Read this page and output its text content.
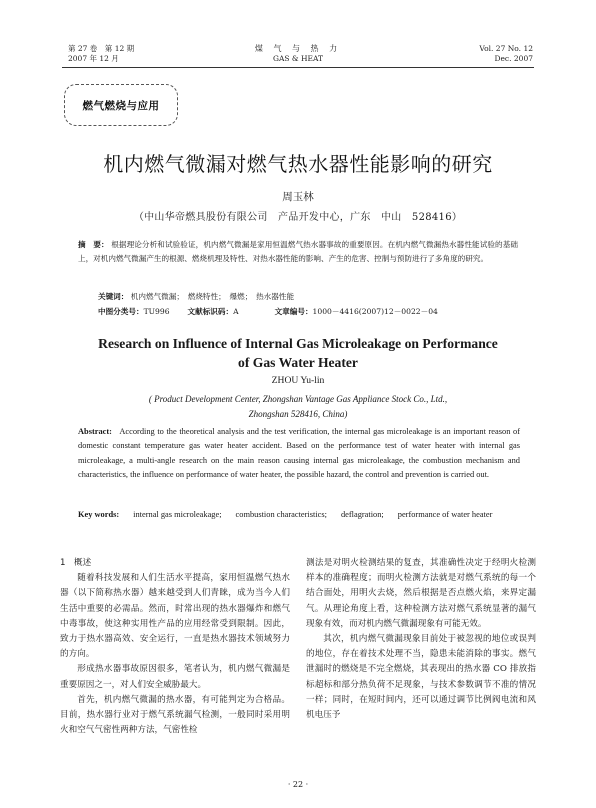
第 27 卷　第 12 期
2007 年 12 月
煤 气 与 热 力
GAS & HEAT
Vol. 27 No. 12
Dec. 2007
燃气燃烧与应用
机内燃气微漏对燃气热水器性能影响的研究
周玉林
（中山华帝燃具股份有限公司　产品开发中心，广东　中山　528416）
摘　要： 根据理论分析和试验验证，机内燃气微漏是家用恒温燃气热水器事故的重要原因。在机内燃气微漏热水器性能试验的基础上，对机内燃气微漏产生的根源、燃烧机理及特性、对热水器性能的影响、产生的危害、控制与预防进行了多角度的研究。
关键词： 机内燃气微漏；　燃烧特性；　爆燃；　热水器性能
中图分类号：TU996 文献标识码：A	文章编号：1000－4416(2007)12－0022－04
Research on Influence of Internal Gas Microleakage on Performance
of Gas Water Heater
ZHOU Yu-lin
( Product Development Center, Zhongshan Vantage Gas Appliance Stock Co., Ltd.,
Zhongshan 528416, China)
Abstract: According to the theoretical analysis and the test verification, the internal gas microleakage is an important reason of domestic constant temperature gas water heater accident. Based on the performance test of water heater with internal gas microleakage, a multi-angle research on the main reason causing internal gas microleakage, the combustion mechanism and characteristics, the influence on performance of water heater, the possible hazard, the control and prevention is carried out.
Key words: internal gas microleakage; combustion characteristics; deflagration; performance of water heater
1　概述

随着科技发展和人们生活水平提高，家用恒温燃气热水器（以下简称热水器）越来越受到人们青睐，成为当今人们生活中重要的必需品。然而，时常出现的热水器爆炸和燃气中毒事故，使这种实用性产品的应用经常受到限制。因此，致力于热水器高效、安全运行，一直是热水器技术领域努力的方向。

形成热水器事故原因很多，笔者认为，机内燃气微漏是重要原因之一，对人们安全威胁最大。

首先，机内燃气微漏的热水器，有可能判定为合格品。目前，热水器行业对于燃气系统漏气检测，一般同时采用明火和空气气密性两种方法，气密性检

测法是对明火检测结果的复查，其准确性决定于经明火检测样本的准确程度；而明火检测方法就是对燃气系统的每一个结合面处，用明火去烧，然后根据是否点燃火焰，来界定漏气。从理论角度上看，这种检测方法对燃气系统显著的漏气现象有效，而对机内燃气微漏现象有可能无效。

其次，机内燃气微漏现象目前处于被忽视的地位或误判的地位，存在着技术处理不当，隐患未能消除的事实。燃气泄漏时的燃烧是不完全燃烧，其表现出的热水器 CO 排放指标超标和部分热负荷不足现象，与技术参数调节不准的情况一样；同时，在短时间内，还可以通过调节比例阀电流和风机电压予

· 22 ·
